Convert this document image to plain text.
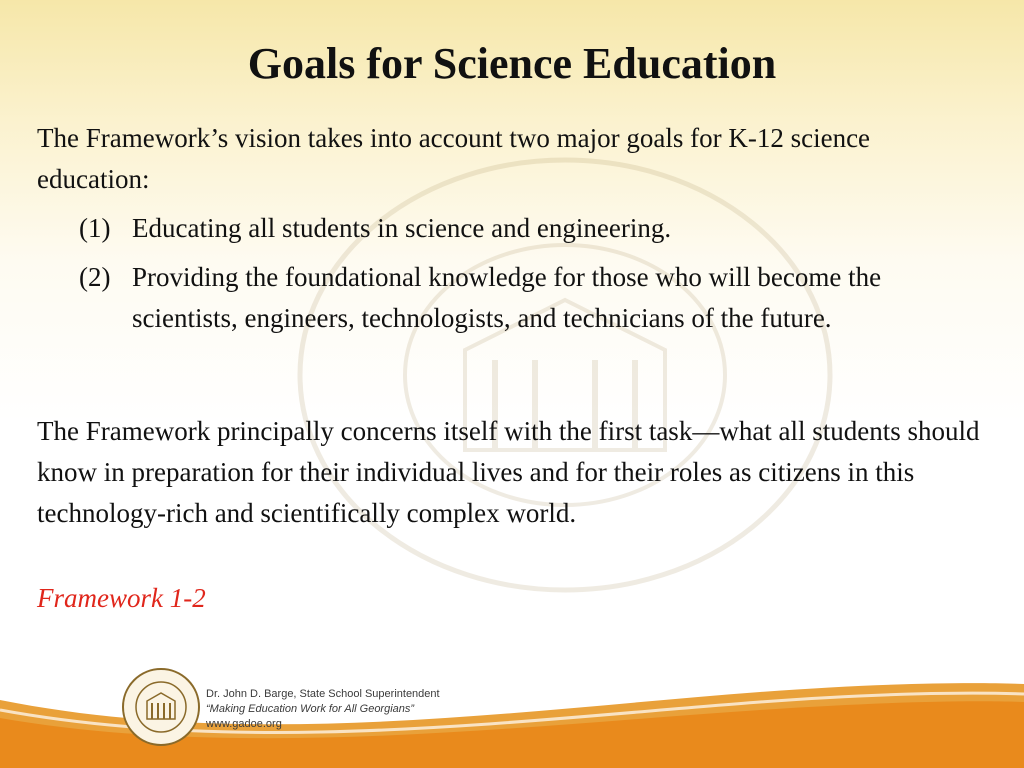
Goals for Science Education
The Framework’s vision takes into account two major goals for K-12 science education:
(1) Educating all students in science and engineering.
(2) Providing the foundational knowledge for those who will become the scientists, engineers, technologists, and technicians of the future.
The Framework principally concerns itself with the first task—what all students should know in preparation for their individual lives and for their roles as citizens in this technology-rich and scientifically complex world.
Framework 1-2
Dr. John D. Barge, State School Superintendent
“Making Education Work for All Georgians”
www.gadoe.org
